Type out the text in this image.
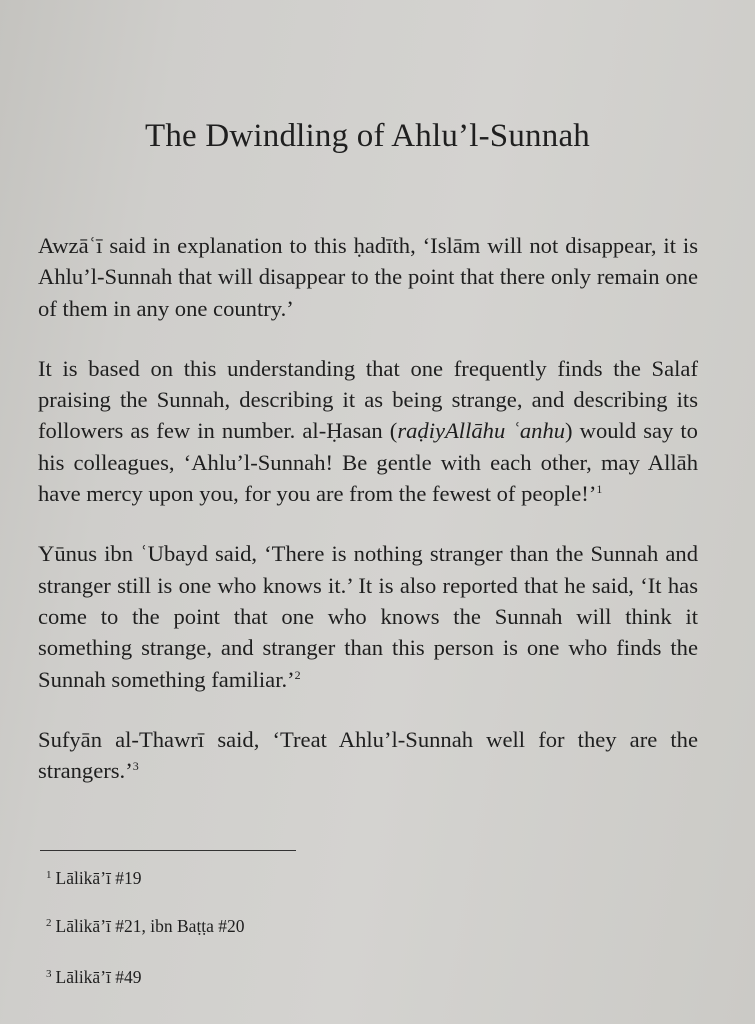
The Dwindling of Ahlu’l-Sunnah

Awzāʿī said in explanation to this ḥadīth, ‘Islām will not disappear, it is Ahlu’l-Sunnah that will disappear to the point that there only remain one of them in any one country.’

It is based on this understanding that one frequently finds the Salaf praising the Sunnah, describing it as being strange, and describing its followers as few in number. al-Ḥasan (raḍiyAllāhu ʿanhu) would say to his colleagues, ‘Ahlu’l-Sunnah! Be gentle with each other, may Allāh have mercy upon you, for you are from the fewest of people!’$^1$

Yūnus ibn ʿUbayd said, ‘There is nothing stranger than the Sunnah and stranger still is one who knows it.’ It is also reported that he said, ‘It has come to the point that one who knows the Sunnah will think it something strange, and stranger than this person is one who finds the Sunnah something familiar.’$^2$

Sufyān al-Thawrī said, ‘Treat Ahlu’l-Sunnah well for they are the strangers.’$^3$

$^1$ Lālikā’ī #19
$^2$ Lālikā’ī #21, ibn Baṭṭa #20
$^3$ Lālikā’ī #49
